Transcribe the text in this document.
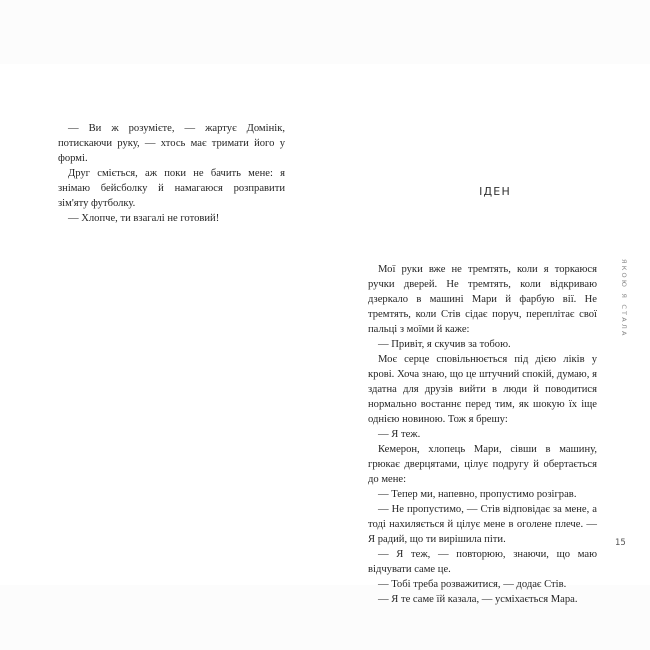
— Ви ж розумієте, — жартує Домінік, потискаючи руку, — хтось має тримати його у формі.

Друг сміється, аж поки не бачить мене: я знімаю бейсболку й намагаюся розправити зім'яту футболку.

— Хлопче, ти взагалі не готовий!

ІДЕН

Мої руки вже не тремтять, коли я торкаюся ручки дверей. Не тремтять, коли відкриваю дзеркало в машині Мари й фарбую вії. Не тремтять, коли Стів сідає поруч, переплітає свої пальці з моїми й каже:

— Привіт, я скучив за тобою.

Моє серце сповільнюється під дією ліків у крові. Хоча знаю, що це штучний спокій, думаю, я здатна для друзів вийти в люди й поводитися нормально востаннє перед тим, як шокую їх іще однією новиною. Тож я брешу:

— Я теж.

Кемерон, хлопець Мари, сівши в машину, грюкає дверцятами, цілує подругу й обертається до мене:

— Тепер ми, напевно, пропустимо розіграв.

— Не пропустимо, — Стів відповідає за мене, а тоді нахиляється й цілує мене в оголене плече. — Я радий, що ти вирішила піти.

— Я теж, — повторюю, знаючи, що маю відчувати саме це.

— Тобі треба розважитися, — додає Стів.

— Я те саме їй казала, — усміхається Мара.

ЯКОЮ Я СТАЛА
15
